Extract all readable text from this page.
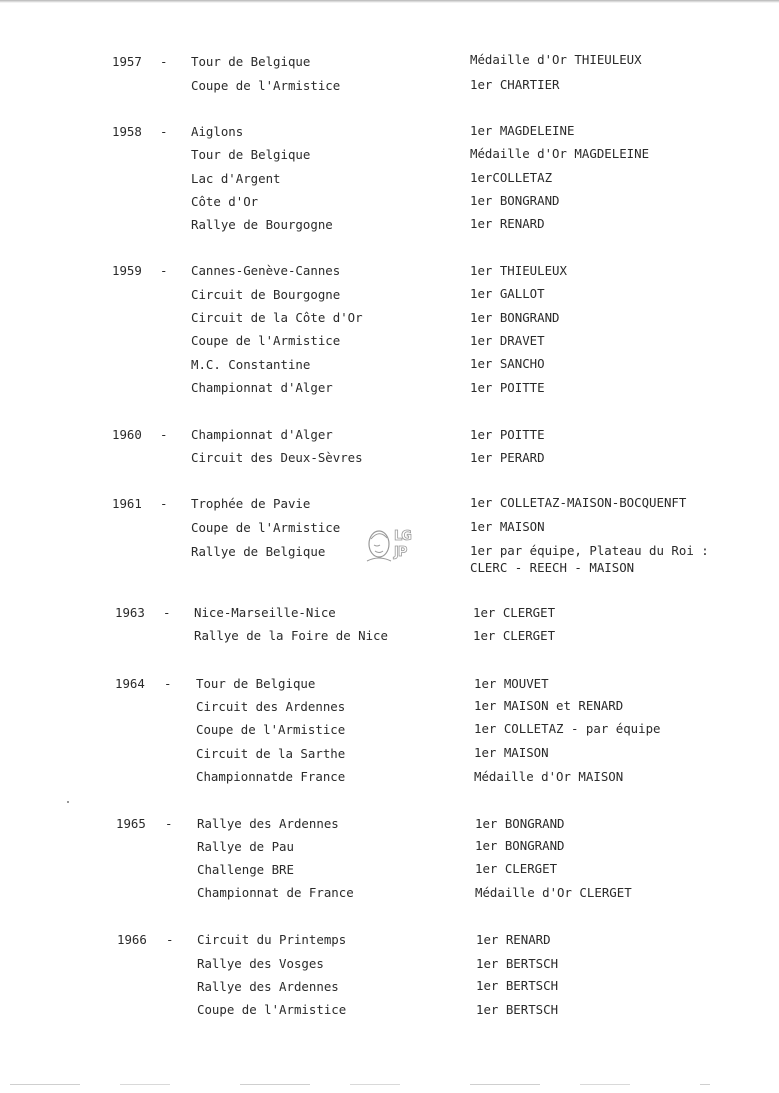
1957 - Tour de Belgique	Médaille d'Or THIEULEUX
Coupe de l'Armistice	1er CHARTIER
1958 - Aiglons	1er MAGDELEINE
Tour de Belgique	Médaille d'Or MAGDELEINE
Lac d'Argent	1erCOLLETAZ
Côte d'Or	1er BONGRAND
Rallye de Bourgogne	1er RENARD
1959 - Cannes-Genève-Cannes	1er THIEULEUX
Circuit de Bourgogne	1er GALLOT
Circuit de la Côte d'Or	1er BONGRAND
Coupe de l'Armistice	1er DRAVET
M.C. Constantine	1er SANCHO
Championnat d'Alger	1er POITTE
1960 - Championnat d'Alger	1er POITTE
Circuit des Deux-Sèvres	1er PERARD
1961 - Trophée de Pavie	1er COLLETAZ-MAISON-BOCQUENFT
Coupe de l'Armistice	1er MAISON
Rallye de Belgique	1er par équipe, Plateau du Roi :
CLERC - REECH - MAISON
LG
JP
1963 - Nice-Marseille-Nice	1er CLERGET
Rallye de la Foire de Nice	1er CLERGET
1964 - Tour de Belgique	1er MOUVET
Circuit des Ardennes	1er MAISON et RENARD
Coupe de l'Armistice	1er COLLETAZ - par équipe
Circuit de la Sarthe	1er MAISON
Championnatde France	Médaille d'Or MAISON
1965 - Rallye des Ardennes	1er BONGRAND
Rallye de Pau	1er BONGRAND
Challenge BRE	1er CLERGET
Championnat de France	Médaille d'Or CLERGET
1966 - Circuit du Printemps	1er RENARD
Rallye des Vosges	1er BERTSCH
Rallye des Ardennes	1er BERTSCH
Coupe de l'Armistice	1er BERTSCH
